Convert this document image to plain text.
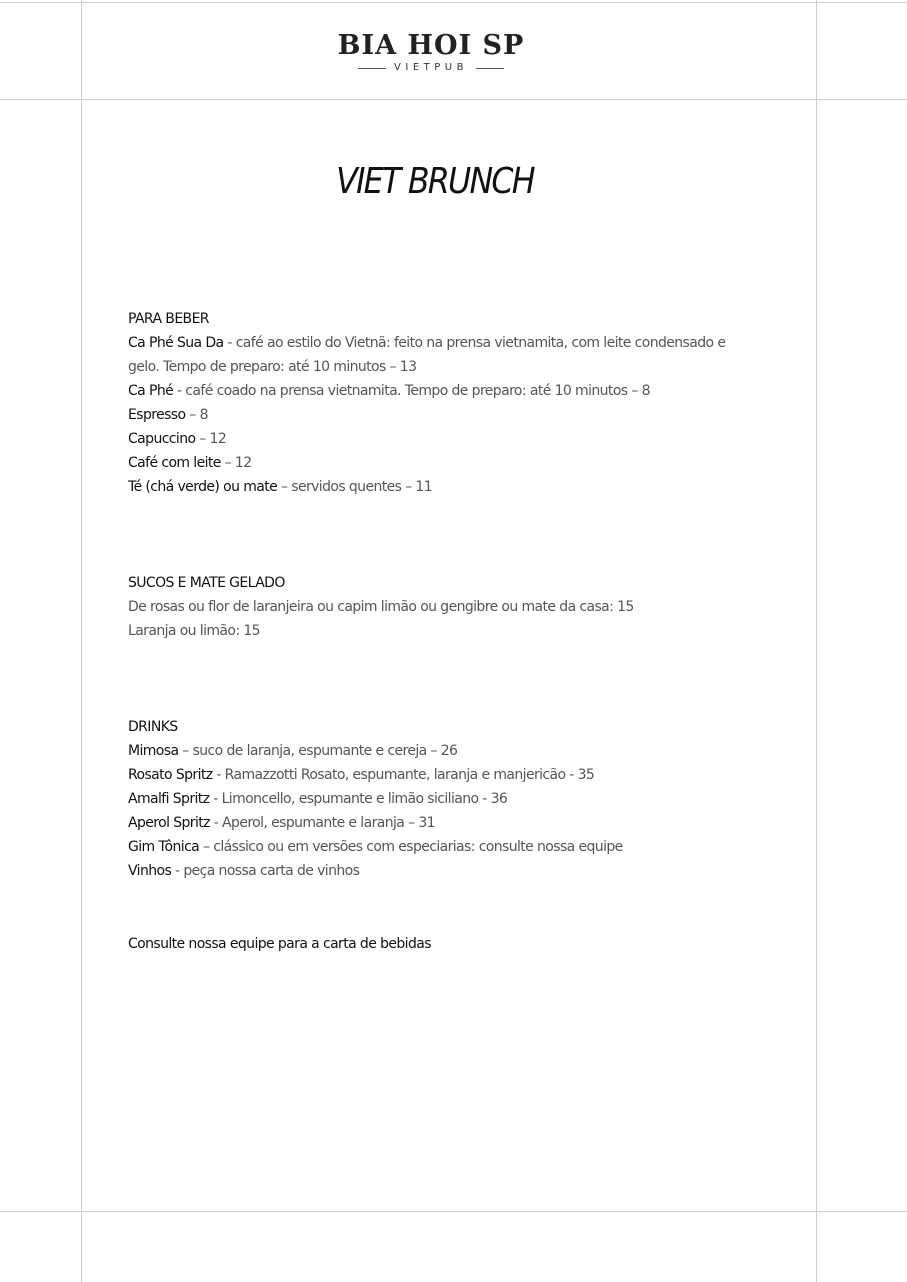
BIA HOI SP
VIETPUB
VIET BRUNCH
PARA BEBER
Ca Phé Sua Da - café ao estilo do Vietnã: feito na prensa vietnamita, com leite condensado e gelo. Tempo de preparo: até 10 minutos – 13
Ca Phé - café coado na prensa vietnamita. Tempo de preparo: até 10 minutos – 8
Espresso – 8
Capuccino – 12
Café com leite – 12
Té (chá verde) ou mate – servidos quentes – 11
SUCOS E MATE GELADO
De rosas ou flor de laranjeira ou capim limão ou gengibre ou mate da casa: 15
Laranja ou limão: 15
DRINKS
Mimosa – suco de laranja, espumante e cereja – 26
Rosato Spritz - Ramazzotti Rosato, espumante, laranja e manjericão - 35
Amalfi Spritz - Limoncello, espumante e limão siciliano - 36
Aperol Spritz - Aperol, espumante e laranja – 31
Gim Tônica – clássico ou em versões com especiarias: consulte nossa equipe
Vinhos - peça nossa carta de vinhos
Consulte nossa equipe para a carta de bebidas
